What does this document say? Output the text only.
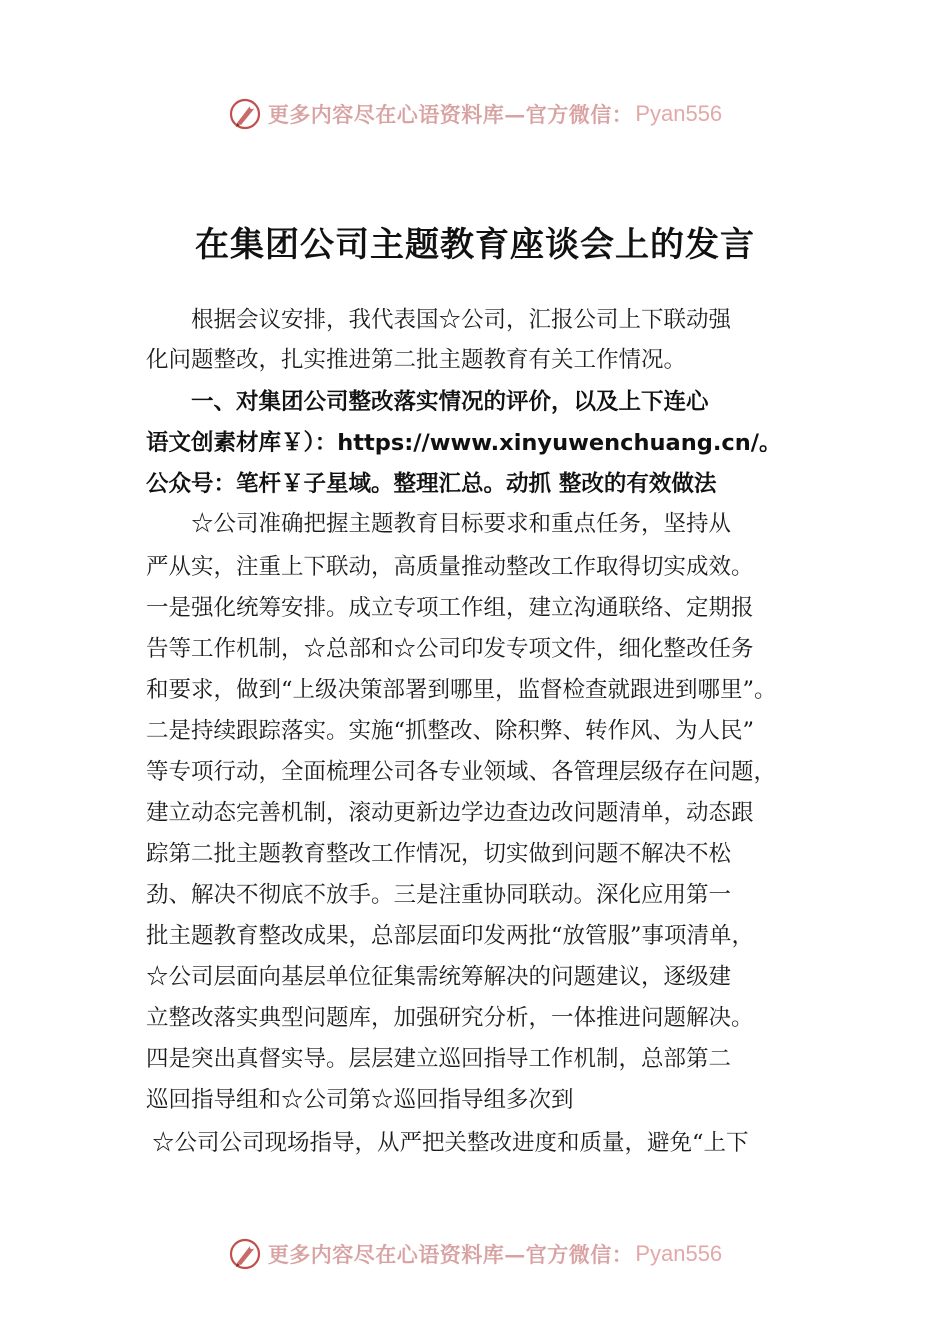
更多内容尽在心语资料库—官方微信： Pyan556
在集团公司主题教育座谈会上的发言
　　根据会议安排，我代表国☆公司，汇报公司上下联动强
化问题整改，扎实推进第二批主题教育有关工作情况。
　　一、对集团公司整改落实情况的评价，以及上下连心
语文创素材库￥）：https://www.xinyuwenchuang.cn/。
公众号：笔杆￥子星域。整理汇总。动抓 整改的有效做法
　　☆公司准确把握主题教育目标要求和重点任务，坚持从
严从实，注重上下联动，高质量推动整改工作取得切实成效。
一是强化统筹安排。成立专项工作组，建立沟通联络、定期报
告等工作机制，☆总部和☆公司印发专项文件，细化整改任务
和要求，做到“上级决策部署到哪里，监督检查就跟进到哪里”。
二是持续跟踪落实。实施“抓整改、除积弊、转作风、为人民”
等专项行动，全面梳理公司各专业领域、各管理层级存在问题，
建立动态完善机制，滚动更新边学边查边改问题清单，动态跟
踪第二批主题教育整改工作情况，切实做到问题不解决不松
劲、解决不彻底不放手。三是注重协同联动。深化应用第一
批主题教育整改成果，总部层面印发两批“放管服”事项清单，
☆公司层面向基层单位征集需统筹解决的问题建议，逐级建
立整改落实典型问题库，加强研究分析，一体推进问题解决。
四是突出真督实导。层层建立巡回指导工作机制，总部第二
巡回指导组和☆公司第☆巡回指导组多次到
☆公司公司现场指导，从严把关整改进度和质量，避免“上下
更多内容尽在心语资料库—官方微信： Pyan556
